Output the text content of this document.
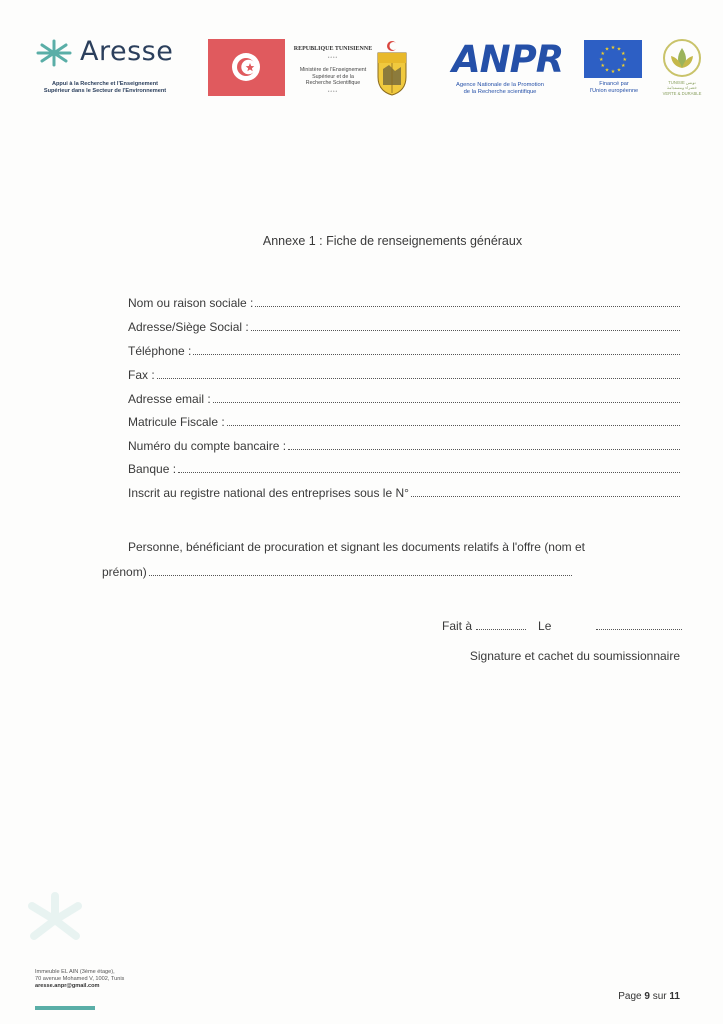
Aresse
Appui à la Recherche et l'Enseignement
Supérieur dans le Secteur de l'Environnement
REPUBLIQUE TUNISIENNE
****
Ministère de l'Enseignement
Supérieur et de la
Recherche Scientifique
****
ANPR
Agence Nationale de la Promotion
de la Recherche scientifique
★ ★
★
★
★
★
★
★
★
★
★
★
Financé par
l'Union européenne
TUNISIE تونس
خضراء ومستدامة
VERTE & DURABLE
Annexe 1 : Fiche de renseignements généraux
Nom ou raison sociale :
Adresse/Siège Social :
Téléphone :
Fax :
Adresse email :
Matricule Fiscale :
Numéro du compte bancaire :
Banque :
Inscrit au registre national des entreprises sous le N°
Personne, bénéficiant de procuration et signant les documents relatifs à l'offre (nom et
prénom)
Fait à	Le
Signature et cachet du soumissionnaire
Immeuble EL AIN (3ème étage),
70 avenue Mohamed V, 1002, Tunis
aresse.anpr@gmail.com
Page 9 sur 11
